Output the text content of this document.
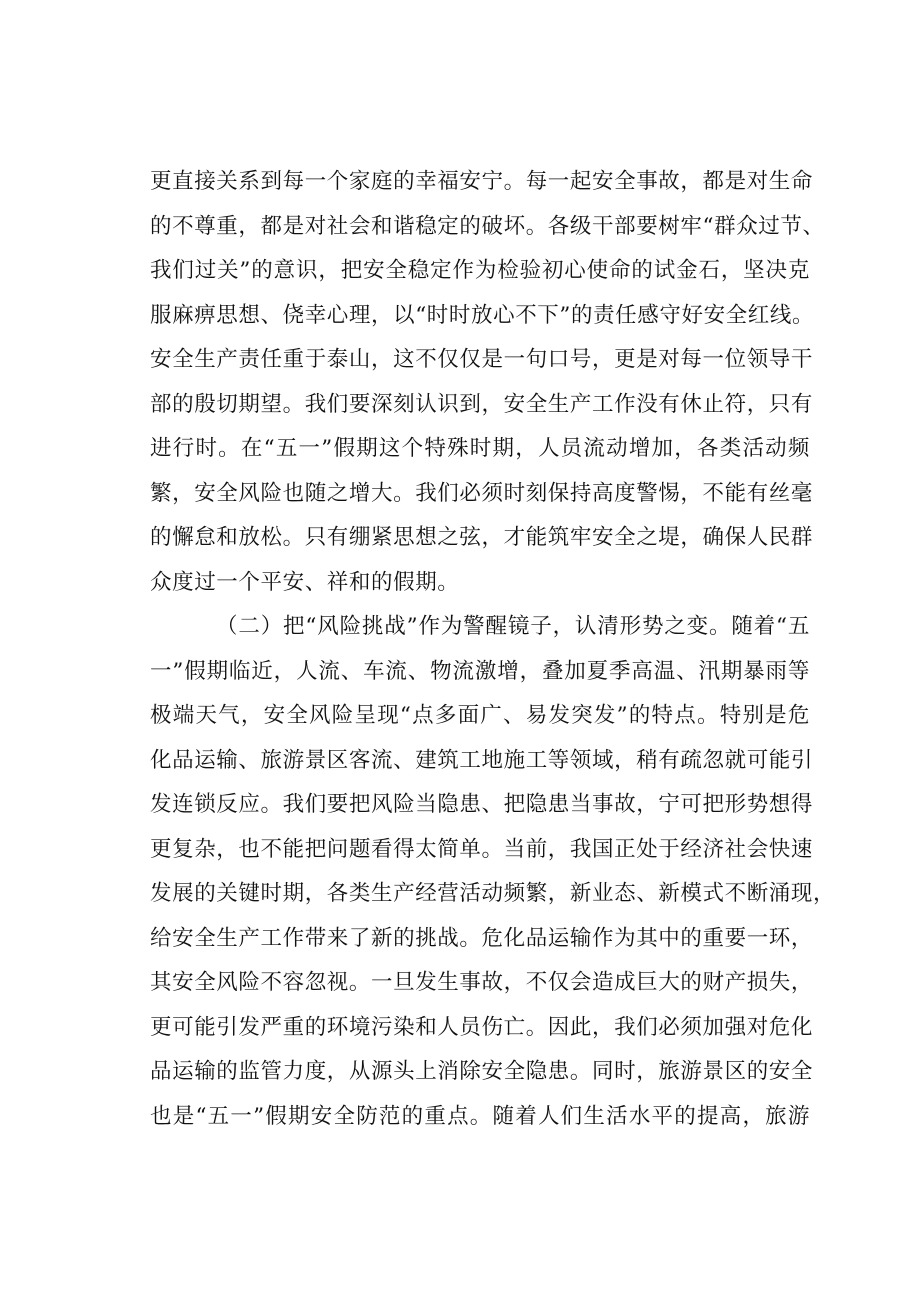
更直接关系到每一个家庭的幸福安宁。每一起安全事故，都是对生命
的不尊重，都是对社会和谐稳定的破坏。各级干部要树牢“群众过节、
我们过关”的意识，把安全稳定作为检验初心使命的试金石，坚决克
服麻痹思想、侥幸心理，以“时时放心不下”的责任感守好安全红线。
安全生产责任重于泰山，这不仅仅是一句口号，更是对每一位领导干
部的殷切期望。我们要深刻认识到，安全生产工作没有休止符，只有
进行时。在“五一”假期这个特殊时期，人员流动增加，各类活动频
繁，安全风险也随之增大。我们必须时刻保持高度警惕，不能有丝毫
的懈怠和放松。只有绷紧思想之弦，才能筑牢安全之堤，确保人民群
众度过一个平安、祥和的假期。
（二）把“风险挑战”作为警醒镜子，认清形势之变。随着“五
一”假期临近，人流、车流、物流激增，叠加夏季高温、汛期暴雨等
极端天气，安全风险呈现“点多面广、易发突发”的特点。特别是危
化品运输、旅游景区客流、建筑工地施工等领域，稍有疏忽就可能引
发连锁反应。我们要把风险当隐患、把隐患当事故，宁可把形势想得
更复杂，也不能把问题看得太简单。当前，我国正处于经济社会快速
发展的关键时期，各类生产经营活动频繁，新业态、新模式不断涌现，
给安全生产工作带来了新的挑战。危化品运输作为其中的重要一环，
其安全风险不容忽视。一旦发生事故，不仅会造成巨大的财产损失，
更可能引发严重的环境污染和人员伤亡。因此，我们必须加强对危化
品运输的监管力度，从源头上消除安全隐患。同时，旅游景区的安全
也是“五一”假期安全防范的重点。随着人们生活水平的提高，旅游
